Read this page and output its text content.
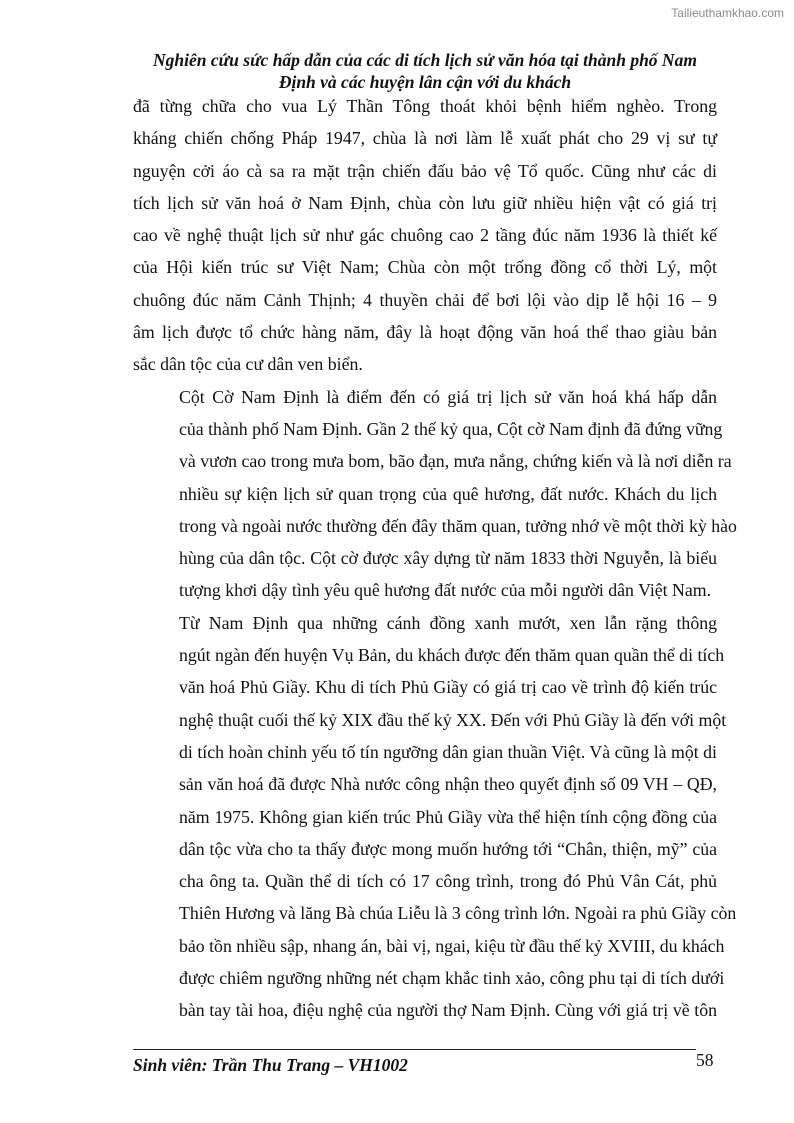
Tailieuthamkhao.com
Nghiên cứu sức hấp dẫn của các di tích lịch sử văn hóa tại thành phố Nam
Định và các huyện lân cận với du khách

đã từng chữa cho vua Lý Thần Tông thoát khỏi bệnh hiểm nghèo. Trong
kháng chiến chống Pháp 1947, chùa là nơi làm lễ xuất phát cho 29 vị sư tự
nguyện cởi áo cà sa ra mặt trận chiến đấu bảo vệ Tổ quốc. Cũng như các di
tích lịch sử văn hoá ở Nam Định, chùa còn lưu giữ nhiều hiện vật có giá trị
cao về nghệ thuật lịch sử như gác chuông cao 2 tầng đúc năm 1936 là thiết kế
của Hội kiến trúc sư Việt Nam; Chùa còn một trống đồng cổ thời Lý, một
chuông đúc năm Cảnh Thịnh; 4 thuyền chải để bơi lội vào dịp lễ hội 16 – 9
âm lịch được tổ chức hàng năm, đây là hoạt động văn hoá thể thao giàu bản
sắc dân tộc của cư dân ven biển.

Cột Cờ Nam Định là điểm đến có giá trị lịch sử văn hoá khá hấp dẫn
của thành phố Nam Định. Gần 2 thế kỷ qua, Cột cờ Nam định đã đứng vững
và vươn cao trong mưa bom, bão đạn, mưa nắng, chứng kiến và là nơi diễn ra
nhiều sự kiện lịch sử quan trọng của quê hương, đất nước. Khách du lịch
trong và ngoài nước thường đến đây thăm quan, tưởng nhớ về một thời kỳ hào
hùng của dân tộc. Cột cờ được xây dựng từ năm 1833 thời Nguyễn, là biểu
tượng khơi dậy tình yêu quê hương đất nước của mỗi người dân Việt Nam.

Từ Nam Định qua những cánh đồng xanh mướt, xen lẫn rặng thông
ngút ngàn đến huyện Vụ Bản, du khách được đến thăm quan quần thể di tích
văn hoá Phủ Giầy. Khu di tích Phủ Giầy có giá trị cao về trình độ kiến trúc
nghệ thuật cuối thế kỷ XIX đầu thế kỷ XX. Đến với Phủ Giầy là đến với một
di tích hoàn chỉnh yếu tố tín ngưỡng dân gian thuần Việt. Và cũng là một di
sản văn hoá đã được Nhà nước công nhận theo quyết định số 09 VH – QĐ,
năm 1975. Không gian kiến trúc Phủ Giầy vừa thể hiện tính cộng đồng của
dân tộc vừa cho ta thấy được mong muốn hướng tới “Chân, thiện, mỹ” của
cha ông ta. Quần thể di tích có 17 công trình, trong đó Phủ Vân Cát, phủ
Thiên Hương và lăng Bà chúa Liễu là 3 công trình lớn. Ngoài ra phủ Giầy còn
bảo tồn nhiều sập, nhang án, bài vị, ngai, kiệu từ đầu thế kỷ XVIII, du khách
được chiêm ngưỡng những nét chạm khắc tinh xảo, công phu tại di tích dưới
bàn tay tài hoa, điệu nghệ của người thợ Nam Định. Cùng với giá trị về tôn

Sinh viên: Trần Thu Trang – VH1002	58
